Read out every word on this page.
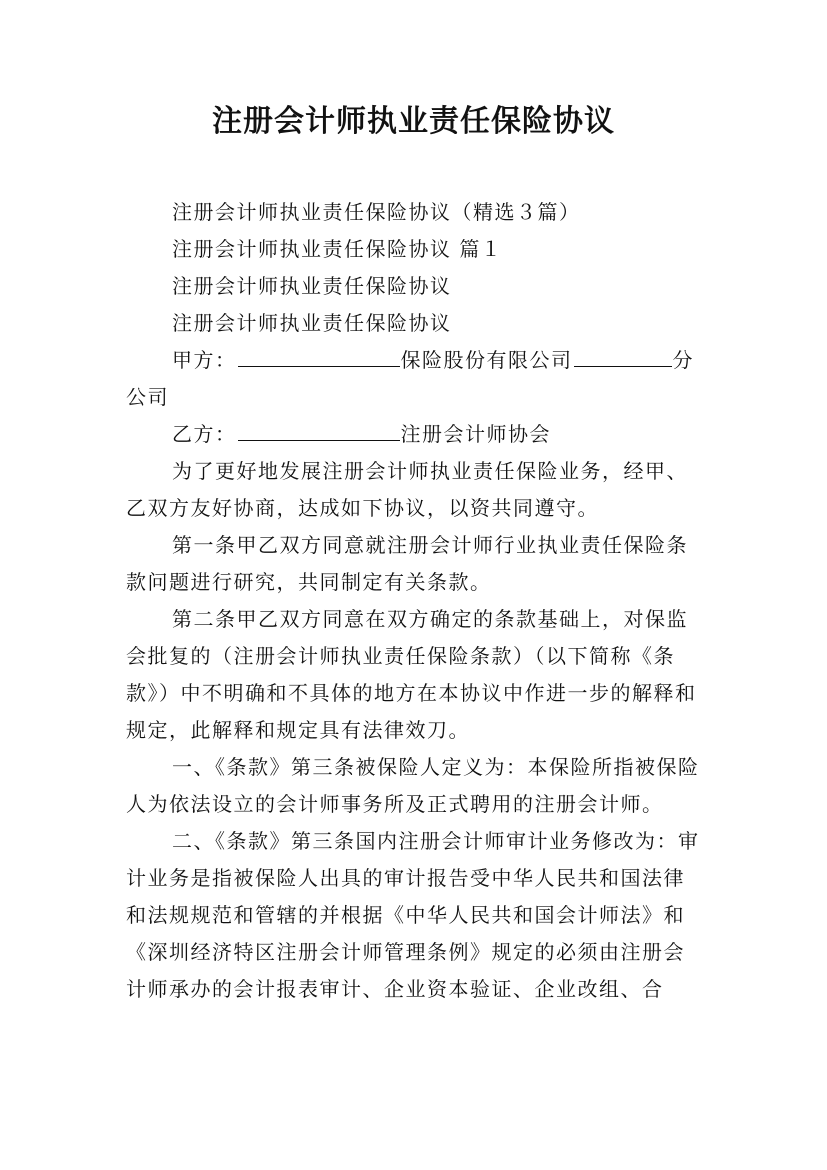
注册会计师执业责任保险协议

注册会计师执业责任保险协议（精选３篇）

注册会计师执业责任保险协议 篇１

注册会计师执业责任保险协议

注册会计师执业责任保险协议

甲方：	保险股份有限公司	分公司

乙方：	注册会计师协会

为了更好地发展注册会计师执业责任保险业务，经甲、乙双方友好协商，达成如下协议，以资共同遵守。

第一条甲乙双方同意就注册会计师行业执业责任保险条款问题进行研究，共同制定有关条款。

第二条甲乙双方同意在双方确定的条款基础上，对保监会批复的（注册会计师执业责任保险条款）（以下简称《条款》）中不明确和不具体的地方在本协议中作进一步的解释和规定，此解释和规定具有法律效刀。

一、《条款》第三条被保险人定义为：本保险所指被保险人为依法设立的会计师事务所及正式聘用的注册会计师。

二、《条款》第三条国内注册会计师审计业务修改为：审计业务是指被保险人出具的审计报告受中华人民共和国法律和法规规范和管辖的并根据《中华人民共和国会计师法》和《深圳经济特区注册会计师管理条例》规定的必须由注册会计师承办的会计报表审计、企业资本验证、企业改组、合
